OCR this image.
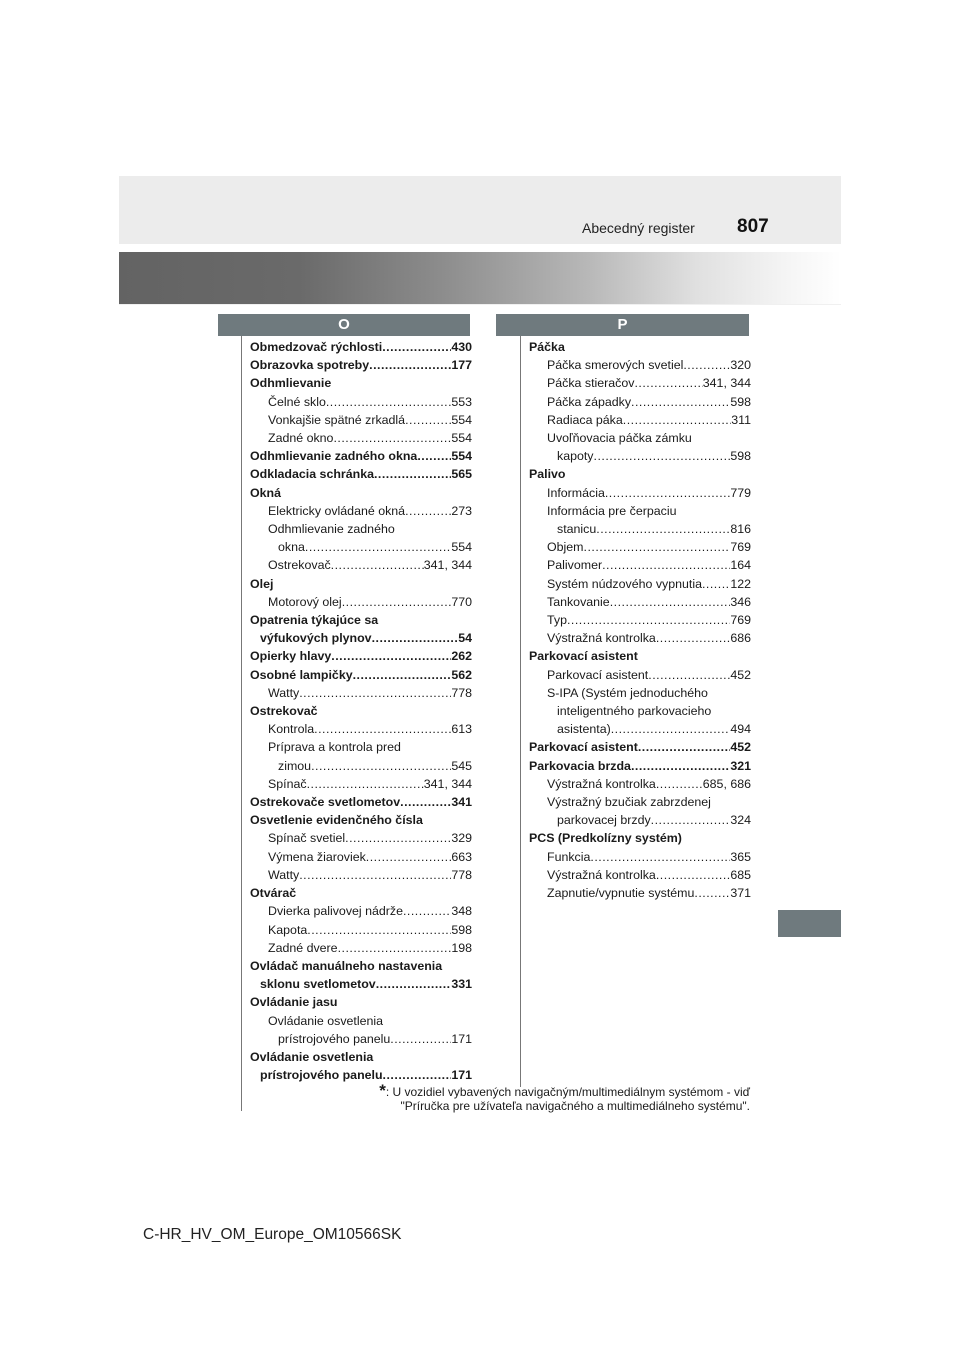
Abecedný register 807
O	P
Obmedzovač rýchlosti .....	430
Obrazovka spotreby .....	177
Odhmlievanie
Čelné sklo .....	553
Vonkajšie spätné zrkadlá .....	554
Zadné okno .....	554
Odhmlievanie zadného okna .....	554
Odkladacia schránka .....	565
Okná
Elektricky ovládané okná .....	273
Odhmlievanie zadného
okna .....	554
Ostrekovač .....	341, 344
Olej
Motorový olej .....	770
Opatrenia týkajúce sa
výfukových plynov .....	54
Opierky hlavy .....	262
Osobné lampičky .....	562
Watty .....	778
Ostrekovač
Kontrola .....	613
Príprava a kontrola pred
zimou .....	545
Spínač .....	341, 344
Ostrekovače svetlometov .....	341
Osvetlenie evidenčného čísla
Spínač svetiel .....	329
Výmena žiaroviek .....	663
Watty .....	778
Otvárač
Dvierka palivovej nádrže .....	348
Kapota .....	598
Zadné dvere .....	198
Ovládač manuálneho nastavenia
sklonu svetlometov .....	331
Ovládanie jasu
Ovládanie osvetlenia
prístrojového panelu .....	171
Ovládanie osvetlenia
prístrojového panelu .....	171
Páčka
Páčka smerových svetiel .....	320
Páčka stieračov .....	341, 344
Páčka západky .....	598
Radiaca páka .....	311
Uvoľňovacia páčka zámku
kapoty .....	598
Palivo
Informácia .....	779
Informácia pre čerpaciu
stanicu .....	816
Objem .....	769
Palivomer .....	164
Systém núdzového vypnutia ..... 122
Tankovanie .....	346
Typ .....	769
Výstražná kontrolka .....	686
Parkovací asistent
Parkovací asistent .....	452
S-IPA (Systém jednoduchého
inteligentného parkovacieho
asistenta) .....	494
Parkovací asistent .....	452
Parkovacia brzda .....	321
Výstražná kontrolka .....	685, 686
Výstražný bzučiak zabrzdenej
parkovacej brzdy .....	324
PCS (Predkolízny systém)
Funkcia .....	365
Výstražná kontrolka .....	685
Zapnutie/vypnutie systému .....	371
*: U vozidiel vybavených navigačným/multimediálnym systémom - viď
"Príručka pre užívateľa navigačného a multimediálneho systému".
C-HR_HV_OM_Europe_OM10566SK
